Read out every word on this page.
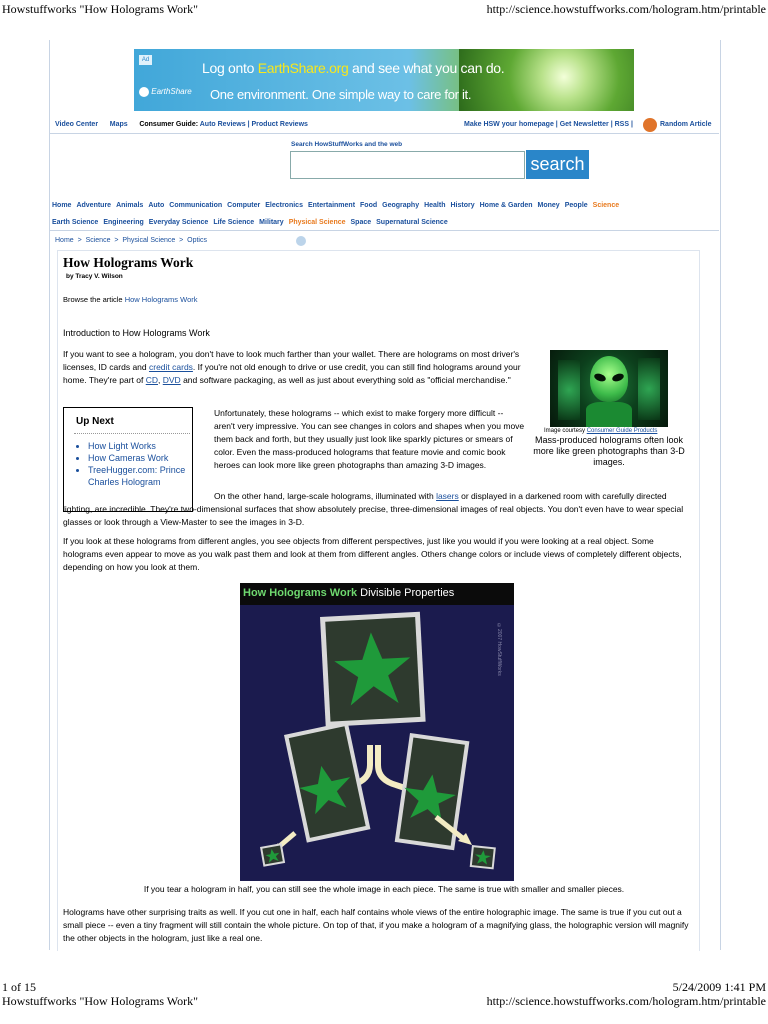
Howstuffworks "How Holograms Work"	http://science.howstuffworks.com/hologram.htm/printable
Ad	Log onto EarthShare.org and see what you can do.
EarthShare One environment. One simple way to care for it.
Video Center Maps Consumer Guide: Auto Reviews | Product Reviews	Make HSW your homepage | Get Newsletter | RSS |	Random Article
Search HowStuffWorks and the web
search
Home Adventure Animals Auto Communication Computer Electronics Entertainment Food Geography Health History Home & Garden Money People Science
Earth Science Engineering Everyday Science Life Science Military Physical Science Space Supernatural Science
Home > Science > Physical Science > Optics
How Holograms Work
by Tracy V. Wilson
Browse the article How Holograms Work
Introduction to How Holograms Work
If you want to see a hologram, you don't have to look much farther than your wallet. There are holograms on most driver's licenses, ID cards and credit cards. If you're not old enough to drive or use credit, you can still find holograms around your home. They're part of CD, DVD and software packaging, as well as just about everything sold as "official merchandise."
Image courtesy Consumer Guide Products
Mass-produced holograms often look more like green photographs than 3-D images.
Up Next
• How Light Works
• How Cameras Work
• TreeHugger.com: Prince Charles Hologram
Unfortunately, these holograms -- which exist to make forgery more difficult -- aren't very impressive. You can see changes in colors and shapes when you move them back and forth, but they usually just look like sparkly pictures or smears of color. Even the mass-produced holograms that feature movie and comic book heroes can look more like green photographs than amazing 3-D images.
On the other hand, large-scale holograms, illuminated with lasers or displayed in a darkened room with carefully directed lighting, are incredible. They're two-dimensional surfaces that show absolutely precise, three-dimensional images of real objects. You don't even have to wear special glasses or look through a View-Master to see the images in 3-D.
If you look at these holograms from different angles, you see objects from different perspectives, just like you would if you were looking at a real object. Some holograms even appear to move as you walk past them and look at them from different angles. Others change colors or include views of completely different objects, depending on how you look at them.
How Holograms Work Divisible Properties
©2007 HowStuffWorks
If you tear a hologram in half, you can still see the whole image in each piece. The same is true with smaller and smaller pieces.
Holograms have other surprising traits as well. If you cut one in half, each half contains whole views of the entire holographic image. The same is true if you cut out a small piece -- even a tiny fragment will still contain the whole picture. On top of that, if you make a hologram of a magnifying glass, the holographic version will magnify the other objects in the hologram, just like a real one.
1 of 15	5/24/2009 1:41 PM
Howstuffworks "How Holograms Work"	http://science.howstuffworks.com/hologram.htm/printable
